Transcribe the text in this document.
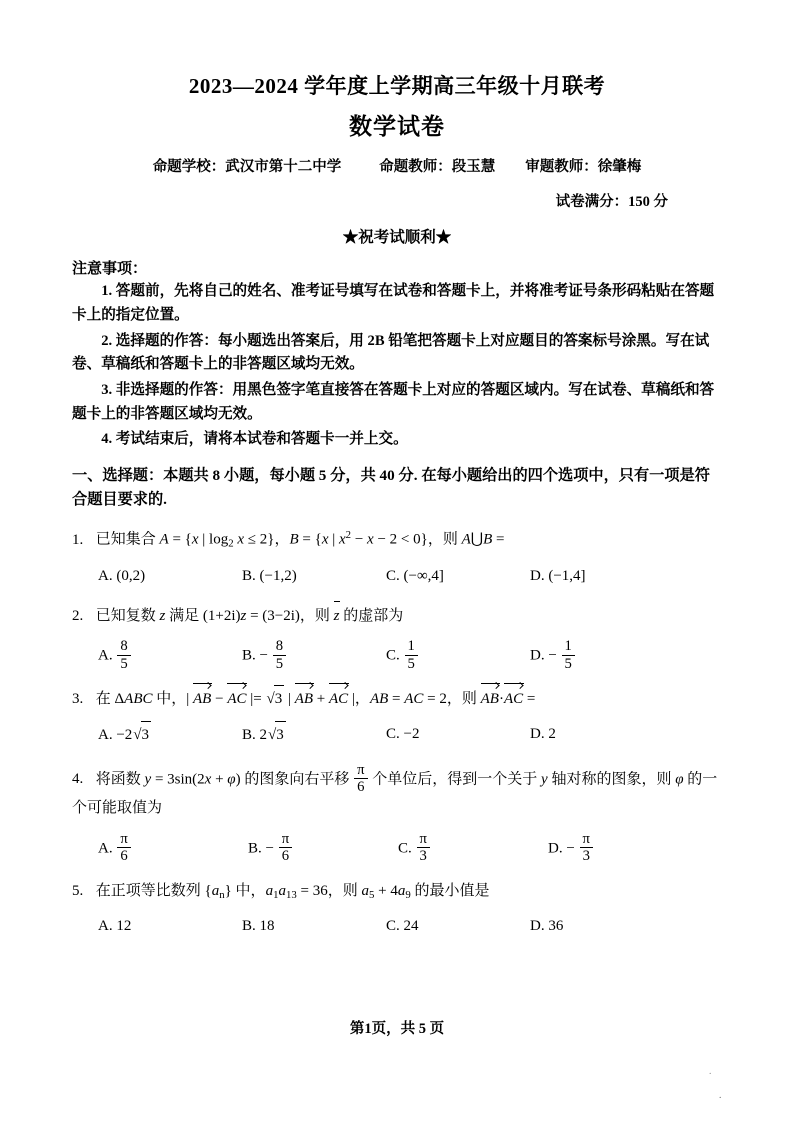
2023—2024 学年度上学期高三年级十月联考
数学试卷
命题学校： 武汉市第十二中学	命题教师： 段玉慧 审题教师： 徐肇梅
试卷满分：150 分
★祝考试顺利★
注意事项：
1. 答题前，先将自己的姓名、准考证号填写在试卷和答题卡上，并将准考证号条形码粘贴在答题卡上的指定位置。
2. 选择题的作答：每小题选出答案后，用 2B 铅笔把答题卡上对应题目的答案标号涂黑。写在试卷、草稿纸和答题卡上的非答题区域均无效。
3. 非选择题的作答：用黑色签字笔直接答在答题卡上对应的答题区域内。写在试卷、草稿纸和答题卡上的非答题区域均无效。
4. 考试结束后，请将本试卷和答题卡一并上交。
一、选择题：本题共 8 小题，每小题 5 分，共 40 分. 在每小题给出的四个选项中，只有一项是符合题目要求的.
1. 已知集合 A = {x | $\log_2 x \le 2$}，B = {x | $x^2 - x - 2 < 0$}，则 A⋃B =
A. (0,2)	B. (−1,2)	C. (−∞,4]	D. (−1,4]
2. 已知复数 z 满足 (1+2i)z = (3−2i)，则 z 的虚部为
A. $\frac{8}{5}$	B. − $\frac{8}{5}$	C. $\frac{1}{5}$	D. − $\frac{1}{5}$
3. 在 ΔABC 中，| AB − AC |= √3 | AB + AC |，AB = AC = 2，则 AB·AC =
A. −2√3	B. 2√3	C. −2	D. 2
4. 将函数 y = 3sin(2x + φ) 的图象向右平移 $\frac{\pi}{6}$ 个单位后，得到一个关于 y 轴对称的图象，则 φ 的一个可能取值为
A. $\frac{\pi}{6}$	B. − $\frac{\pi}{6}$	C. $\frac{\pi}{3}$	D. − $\frac{\pi}{3}$
5. 在正项等比数列 $\{a_n\}$ 中，$a_1a_{13} = 36$，则 $a_5 + 4a_9$ 的最小值是
A. 12	B. 18	C. 24	D. 36
第1页，共 5 页
·
·
